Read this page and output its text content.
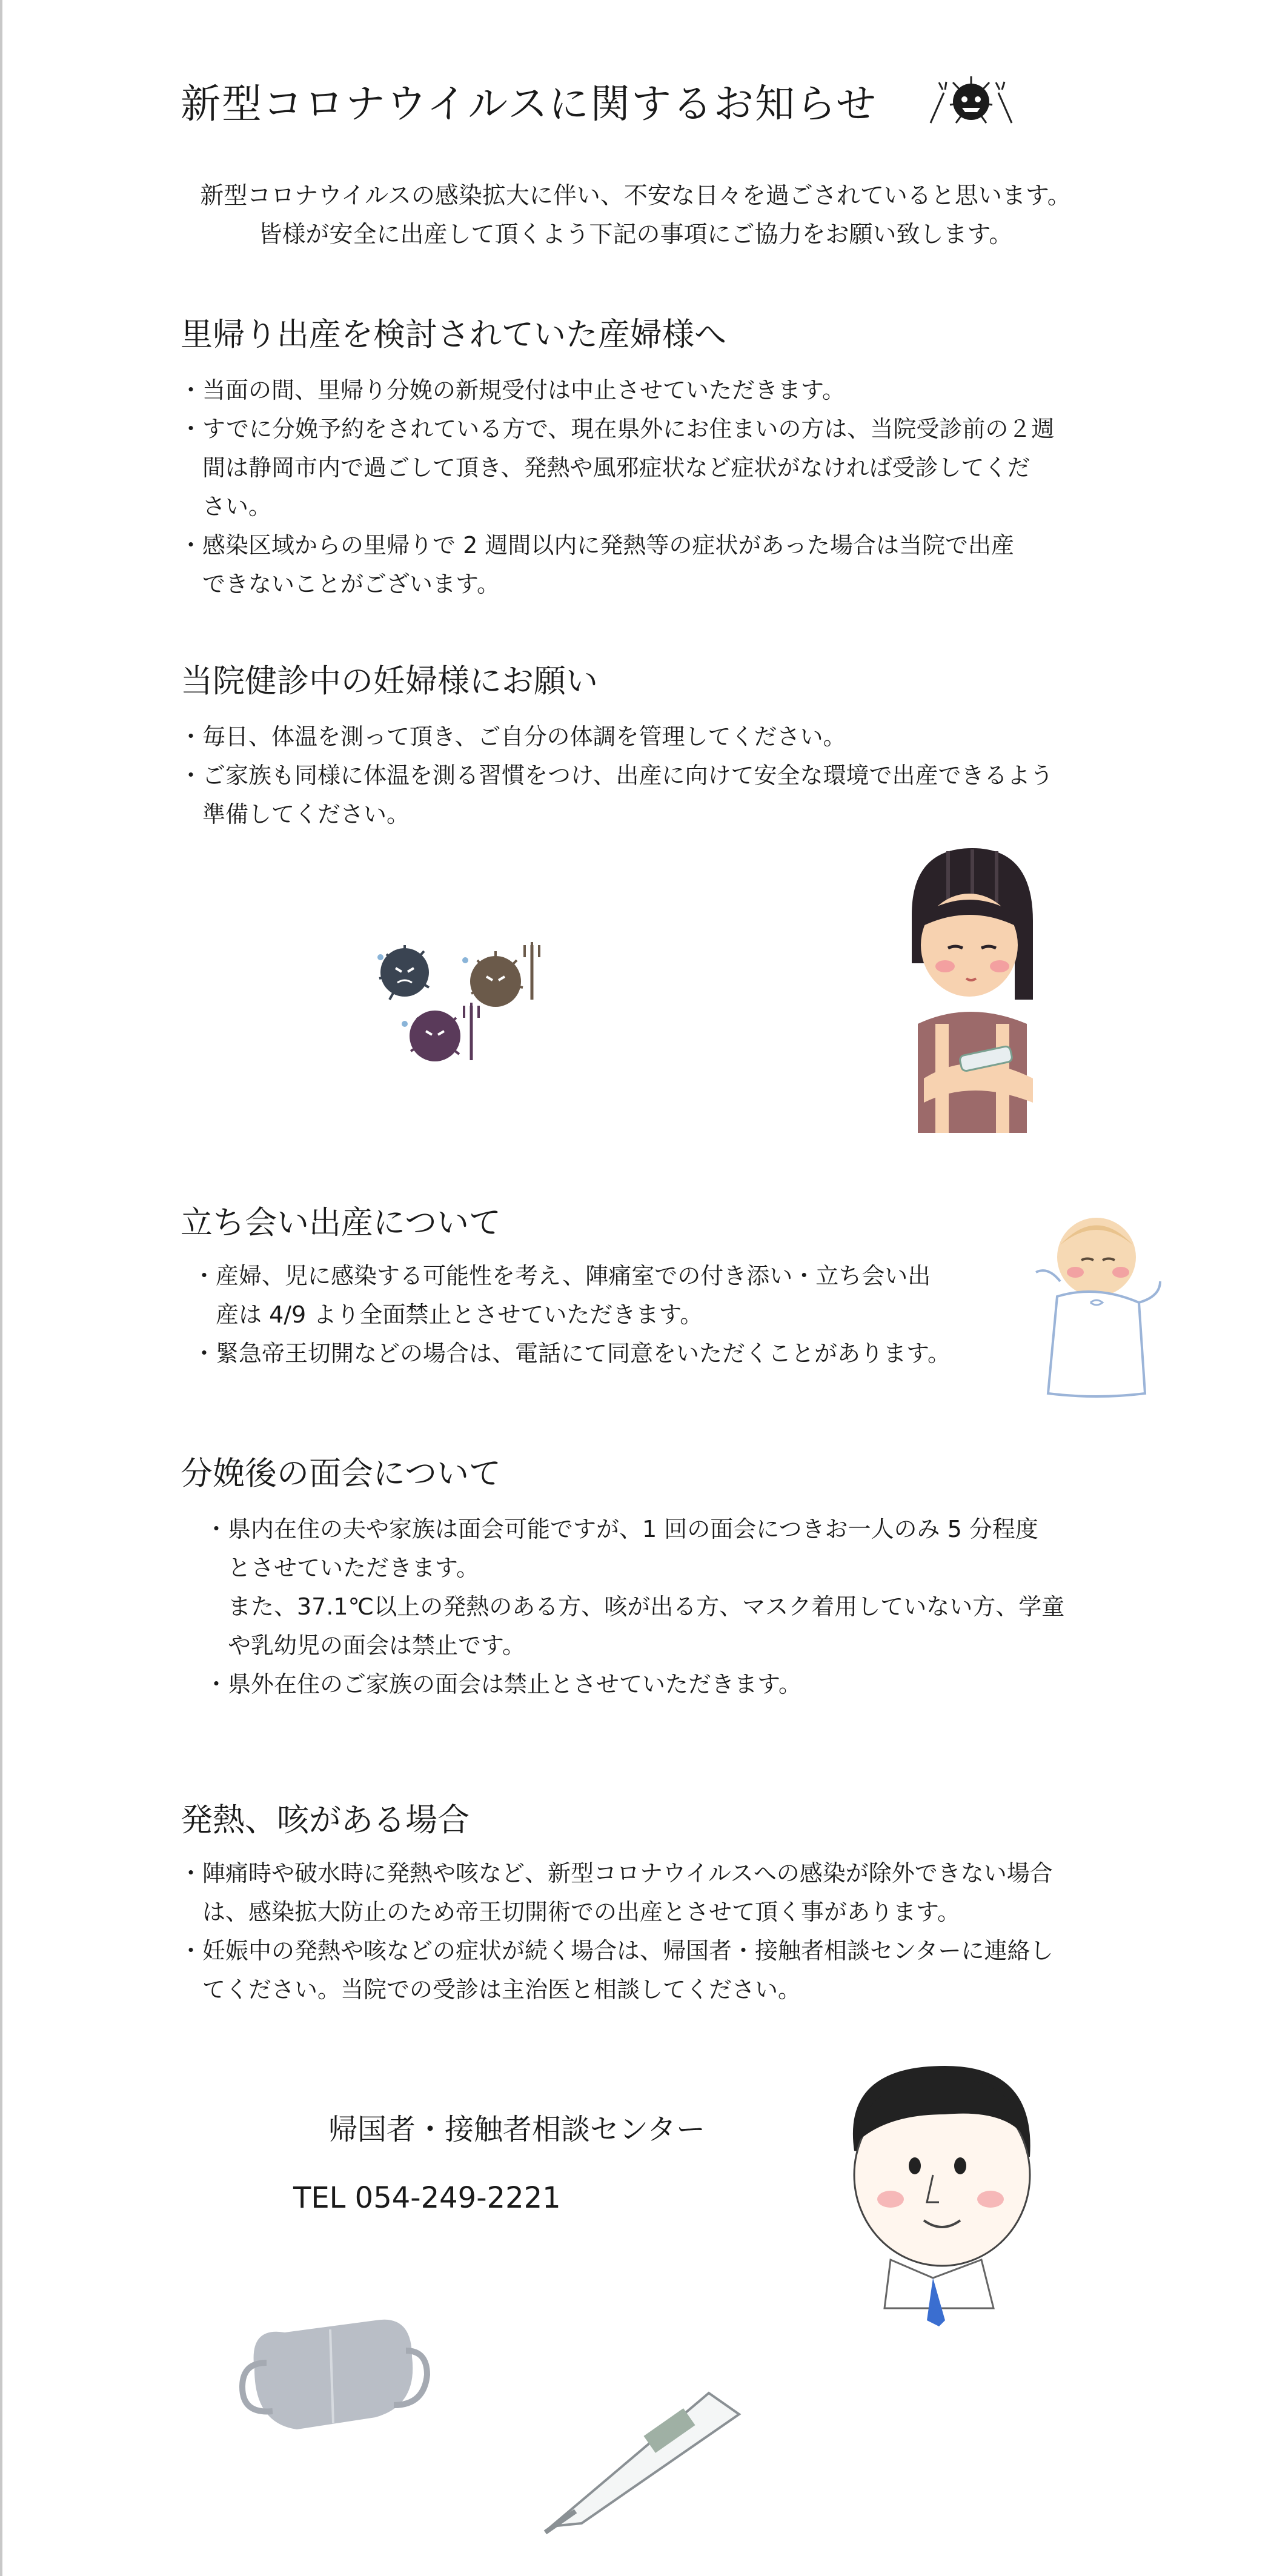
新型コロナウイルスに関するお知らせ
新型コロナウイルスの感染拡大に伴い、不安な日々を過ごされていると思います。
皆様が安全に出産して頂くよう下記の事項にご協力をお願い致します。
里帰り出産を検討されていた産婦様へ
・当面の間、里帰り分娩の新規受付は中止させていただきます。
・すでに分娩予約をされている方で、現在県外にお住まいの方は、当院受診前の２週
　間は静岡市内で過ごして頂き、発熱や風邪症状など症状がなければ受診してくだ
　さい。
・感染区域からの里帰りで 2 週間以内に発熱等の症状があった場合は当院で出産
　できないことがございます。
当院健診中の妊婦様にお願い
・毎日、体温を測って頂き、ご自分の体調を管理してください。
・ご家族も同様に体温を測る習慣をつけ、出産に向けて安全な環境で出産できるよう
　準備してください。
立ち会い出産について
・産婦、児に感染する可能性を考え、陣痛室での付き添い・立ち会い出
　産は 4/9 より全面禁止とさせていただきます。
・緊急帝王切開などの場合は、電話にて同意をいただくことがあります。
分娩後の面会について
・県内在住の夫や家族は面会可能ですが、1 回の面会につきお一人のみ 5 分程度
　とさせていただきます。
　また、37.1℃以上の発熱のある方、咳が出る方、マスク着用していない方、学童
　や乳幼児の面会は禁止です。
・県外在住のご家族の面会は禁止とさせていただきます。
発熱、咳がある場合
・陣痛時や破水時に発熱や咳など、新型コロナウイルスへの感染が除外できない場合
　は、感染拡大防止のため帝王切開術での出産とさせて頂く事があります。
・妊娠中の発熱や咳などの症状が続く場合は、帰国者・接触者相談センターに連絡し
　てください。当院での受診は主治医と相談してください。
帰国者・接触者相談センター
TEL 054-249-2221
